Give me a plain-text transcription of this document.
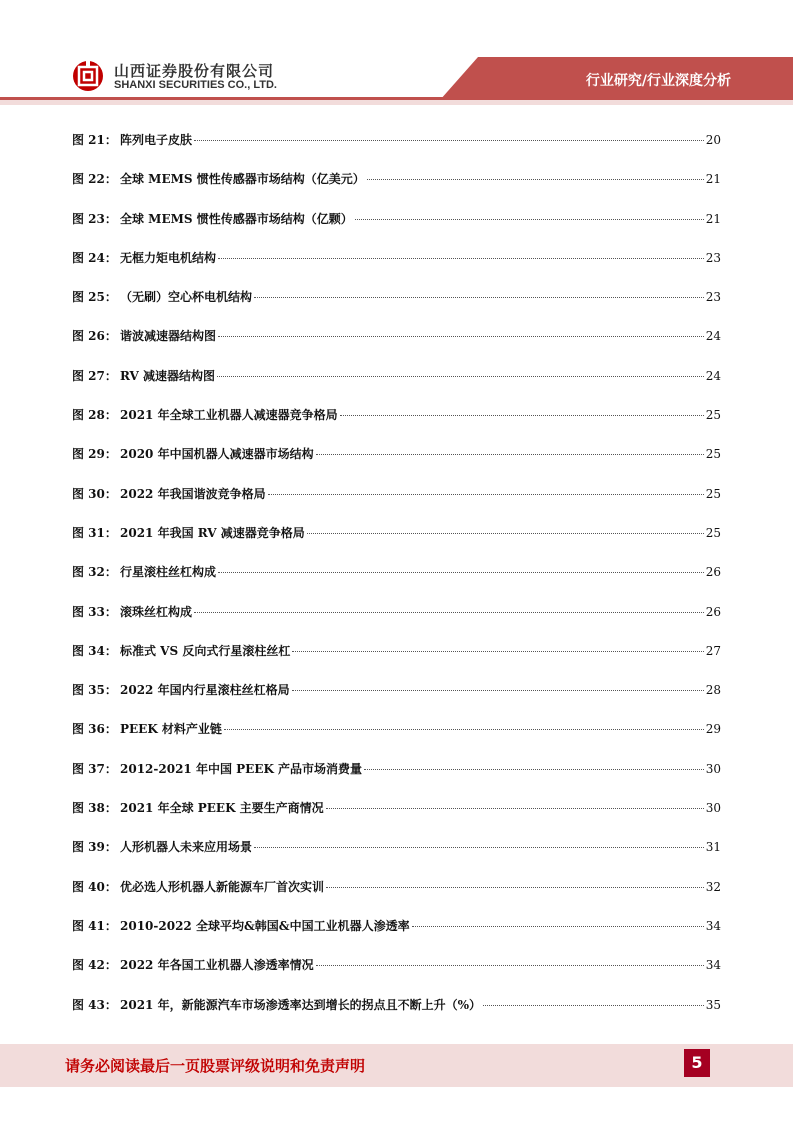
行业研究/行业深度分析
山西证券股份有限公司
SHANXI SECURITIES CO., LTD.
图 21： 阵列电子皮肤	20
图 22： 全球 MEMS 惯性传感器市场结构（亿美元）	21
图 23： 全球 MEMS 惯性传感器市场结构（亿颗）	21
图 24： 无框力矩电机结构	23
图 25： （无刷）空心杯电机结构	23
图 26： 谐波减速器结构图	24
图 27： RV 减速器结构图	24
图 28： 2021 年全球工业机器人减速器竞争格局	25
图 29： 2020 年中国机器人减速器市场结构	25
图 30： 2022 年我国谐波竞争格局	25
图 31： 2021 年我国 RV 减速器竞争格局	25
图 32： 行星滚柱丝杠构成	26
图 33： 滚珠丝杠构成	26
图 34： 标准式 VS 反向式行星滚柱丝杠	27
图 35： 2022 年国内行星滚柱丝杠格局	28
图 36： PEEK 材料产业链	29
图 37： 2012-2021 年中国 PEEK 产品市场消费量	30
图 38： 2021 年全球 PEEK 主要生产商情况	30
图 39： 人形机器人未来应用场景	31
图 40： 优必选人形机器人新能源车厂首次实训	32
图 41： 2010-2022 全球平均&韩国&中国工业机器人渗透率	34
图 42： 2022 年各国工业机器人渗透率情况	34
图 43： 2021 年，新能源汽车市场渗透率达到增长的拐点且不断上升（%）	35
请务必阅读最后一页股票评级说明和免责声明	5
